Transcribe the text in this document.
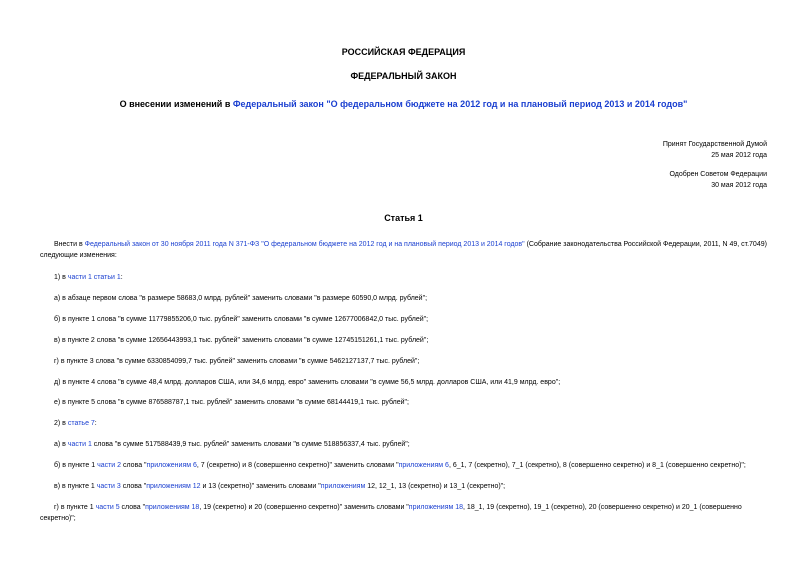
РОССИЙСКАЯ ФЕДЕРАЦИЯ
ФЕДЕРАЛЬНЫЙ ЗАКОН
О внесении изменений в Федеральный закон "О федеральном бюджете на 2012 год и на плановый период 2013 и 2014 годов"
Принят Государственной Думой
25 мая 2012 года
Одобрен Советом Федерации
30 мая 2012 года
Статья 1
Внести в Федеральный закон от 30 ноября 2011 года N 371-ФЗ "О федеральном бюджете на 2012 год и на плановый период 2013 и 2014 годов" (Собрание законодательства Российской Федерации, 2011, N 49, ст.7049) следующие изменения:
1) в части 1 статьи 1:
а) в абзаце первом слова "в размере 58683,0 млрд. рублей" заменить словами "в размере 60590,0 млрд. рублей";
б) в пункте 1 слова "в сумме 11779855206,0 тыс. рублей" заменить словами "в сумме 12677006842,0 тыс. рублей";
в) в пункте 2 слова "в сумме 12656443993,1 тыс. рублей" заменить словами "в сумме 12745151261,1 тыс. рублей";
г) в пункте 3 слова "в сумме 6330854099,7 тыс. рублей" заменить словами "в сумме 5462127137,7 тыс. рублей";
д) в пункте 4 слова "в сумме 48,4 млрд. долларов США, или 34,6 млрд. евро" заменить словами "в сумме 56,5 млрд. долларов США, или 41,9 млрд. евро";
е) в пункте 5 слова "в сумме 876588787,1 тыс. рублей" заменить словами "в сумме 68144419,1 тыс. рублей";
2) в статье 7:
а) в части 1 слова "в сумме 517588439,9 тыс. рублей" заменить словами "в сумме 518856337,4 тыс. рублей";
б) в пункте 1 части 2 слова "приложениям 6, 7 (секретно) и 8 (совершенно секретно)" заменить словами "приложениям 6, 6_1, 7 (секретно), 7_1 (секретно), 8 (совершенно секретно) и 8_1 (совершенно секретно)";
в) в пункте 1 части 3 слова "приложениям 12 и 13 (секретно)" заменить словами "приложениям 12, 12_1, 13 (секретно) и 13_1 (секретно)";
г) в пункте 1 части 5 слова "приложениям 18, 19 (секретно) и 20 (совершенно секретно)" заменить словами "приложениям 18, 18_1, 19 (секретно), 19_1 (секретно), 20 (совершенно секретно) и 20_1 (совершенно секретно)";
